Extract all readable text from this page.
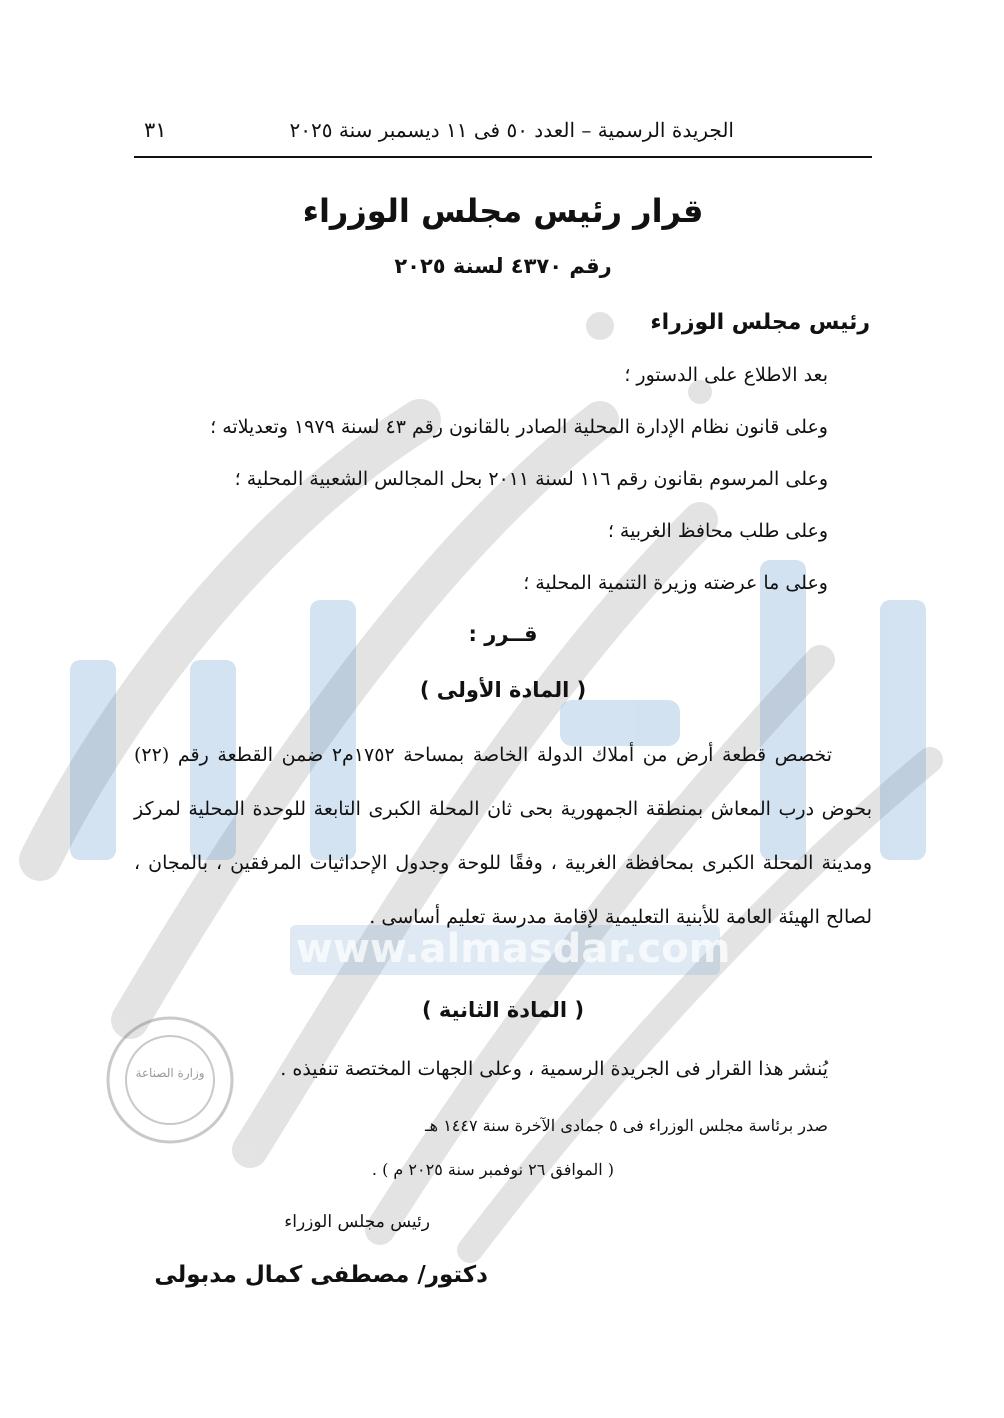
www.almasdar.com
وزارة الصناعة
الجريدة الرسمية – العدد ٥٠ فى ١١ ديسمبر سنة ٢٠٢٥
٣١
قرار رئيس مجلس الوزراء
رقم ٤٣٧٠ لسنة ٢٠٢٥
رئيس مجلس الوزراء
بعد الاطلاع على الدستور ؛
وعلى قانون نظام الإدارة المحلية الصادر بالقانون رقم ٤٣ لسنة ١٩٧٩ وتعديلاته ؛
وعلى المرسوم بقانون رقم ١١٦ لسنة ٢٠١١ بحل المجالس الشعبية المحلية ؛
وعلى طلب محافظ الغربية ؛
وعلى ما عرضته وزيرة التنمية المحلية ؛
قــرر :
( المادة الأولى )
تخصص قطعة أرض من أملاك الدولة الخاصة بمساحة ١٧٥٢م٢ ضمن القطعة رقم (٢٢) بحوض درب المعاش بمنطقة الجمهورية بحى ثان المحلة الكبرى التابعة للوحدة المحلية لمركز ومدينة المحلة الكبرى بمحافظة الغربية ، وفقًا للوحة وجدول الإحداثيات المرفقين ، بالمجان ، لصالح الهيئة العامة للأبنية التعليمية لإقامة مدرسة تعليم أساسى .
( المادة الثانية )
يُنشر هذا القرار فى الجريدة الرسمية ، وعلى الجهات المختصة تنفيذه .
صدر برئاسة مجلس الوزراء فى ٥ جمادى الآخرة سنة ١٤٤٧ هـ
( الموافق ٢٦ نوفمبر سنة ٢٠٢٥ م ) .
رئيس مجلس الوزراء
دكتور/ مصطفى كمال مدبولى
